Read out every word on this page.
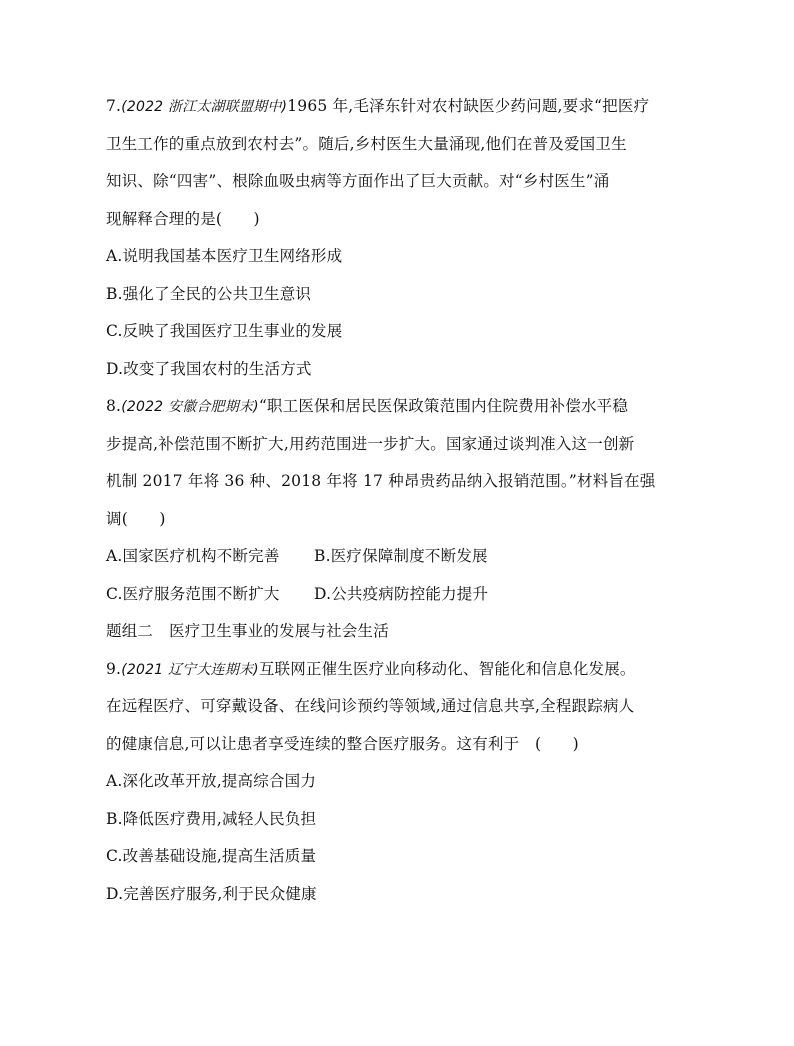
7.(2022 浙江太湖联盟期中)1965 年,毛泽东针对农村缺医少药问题,要求“把医疗
卫生工作的重点放到农村去”。随后,乡村医生大量涌现,他们在普及爱国卫生
知识、除“四害”、根除血吸虫病等方面作出了巨大贡献。对“乡村医生”涌
现解释合理的是(　　)
A.说明我国基本医疗卫生网络形成
B.强化了全民的公共卫生意识
C.反映了我国医疗卫生事业的发展
D.改变了我国农村的生活方式
8.(2022 安徽合肥期末)“职工医保和居民医保政策范围内住院费用补偿水平稳
步提高,补偿范围不断扩大,用药范围进一步扩大。国家通过谈判准入这一创新
机制 2017 年将 36 种、2018 年将 17 种昂贵药品纳入报销范围。”材料旨在强
调(　　)
A.国家医疗机构不断完善	B.医疗保障制度不断发展
C.医疗服务范围不断扩大	D.公共疫病防控能力提升
题组二 医疗卫生事业的发展与社会生活
9.(2021 辽宁大连期末)互联网正催生医疗业向移动化、智能化和信息化发展。
在远程医疗、可穿戴设备、在线问诊预约等领域,通过信息共享,全程跟踪病人
的健康信息,可以让患者享受连续的整合医疗服务。这有利于　(　　)
A.深化改革开放,提高综合国力
B.降低医疗费用,减轻人民负担
C.改善基础设施,提高生活质量
D.完善医疗服务,利于民众健康
